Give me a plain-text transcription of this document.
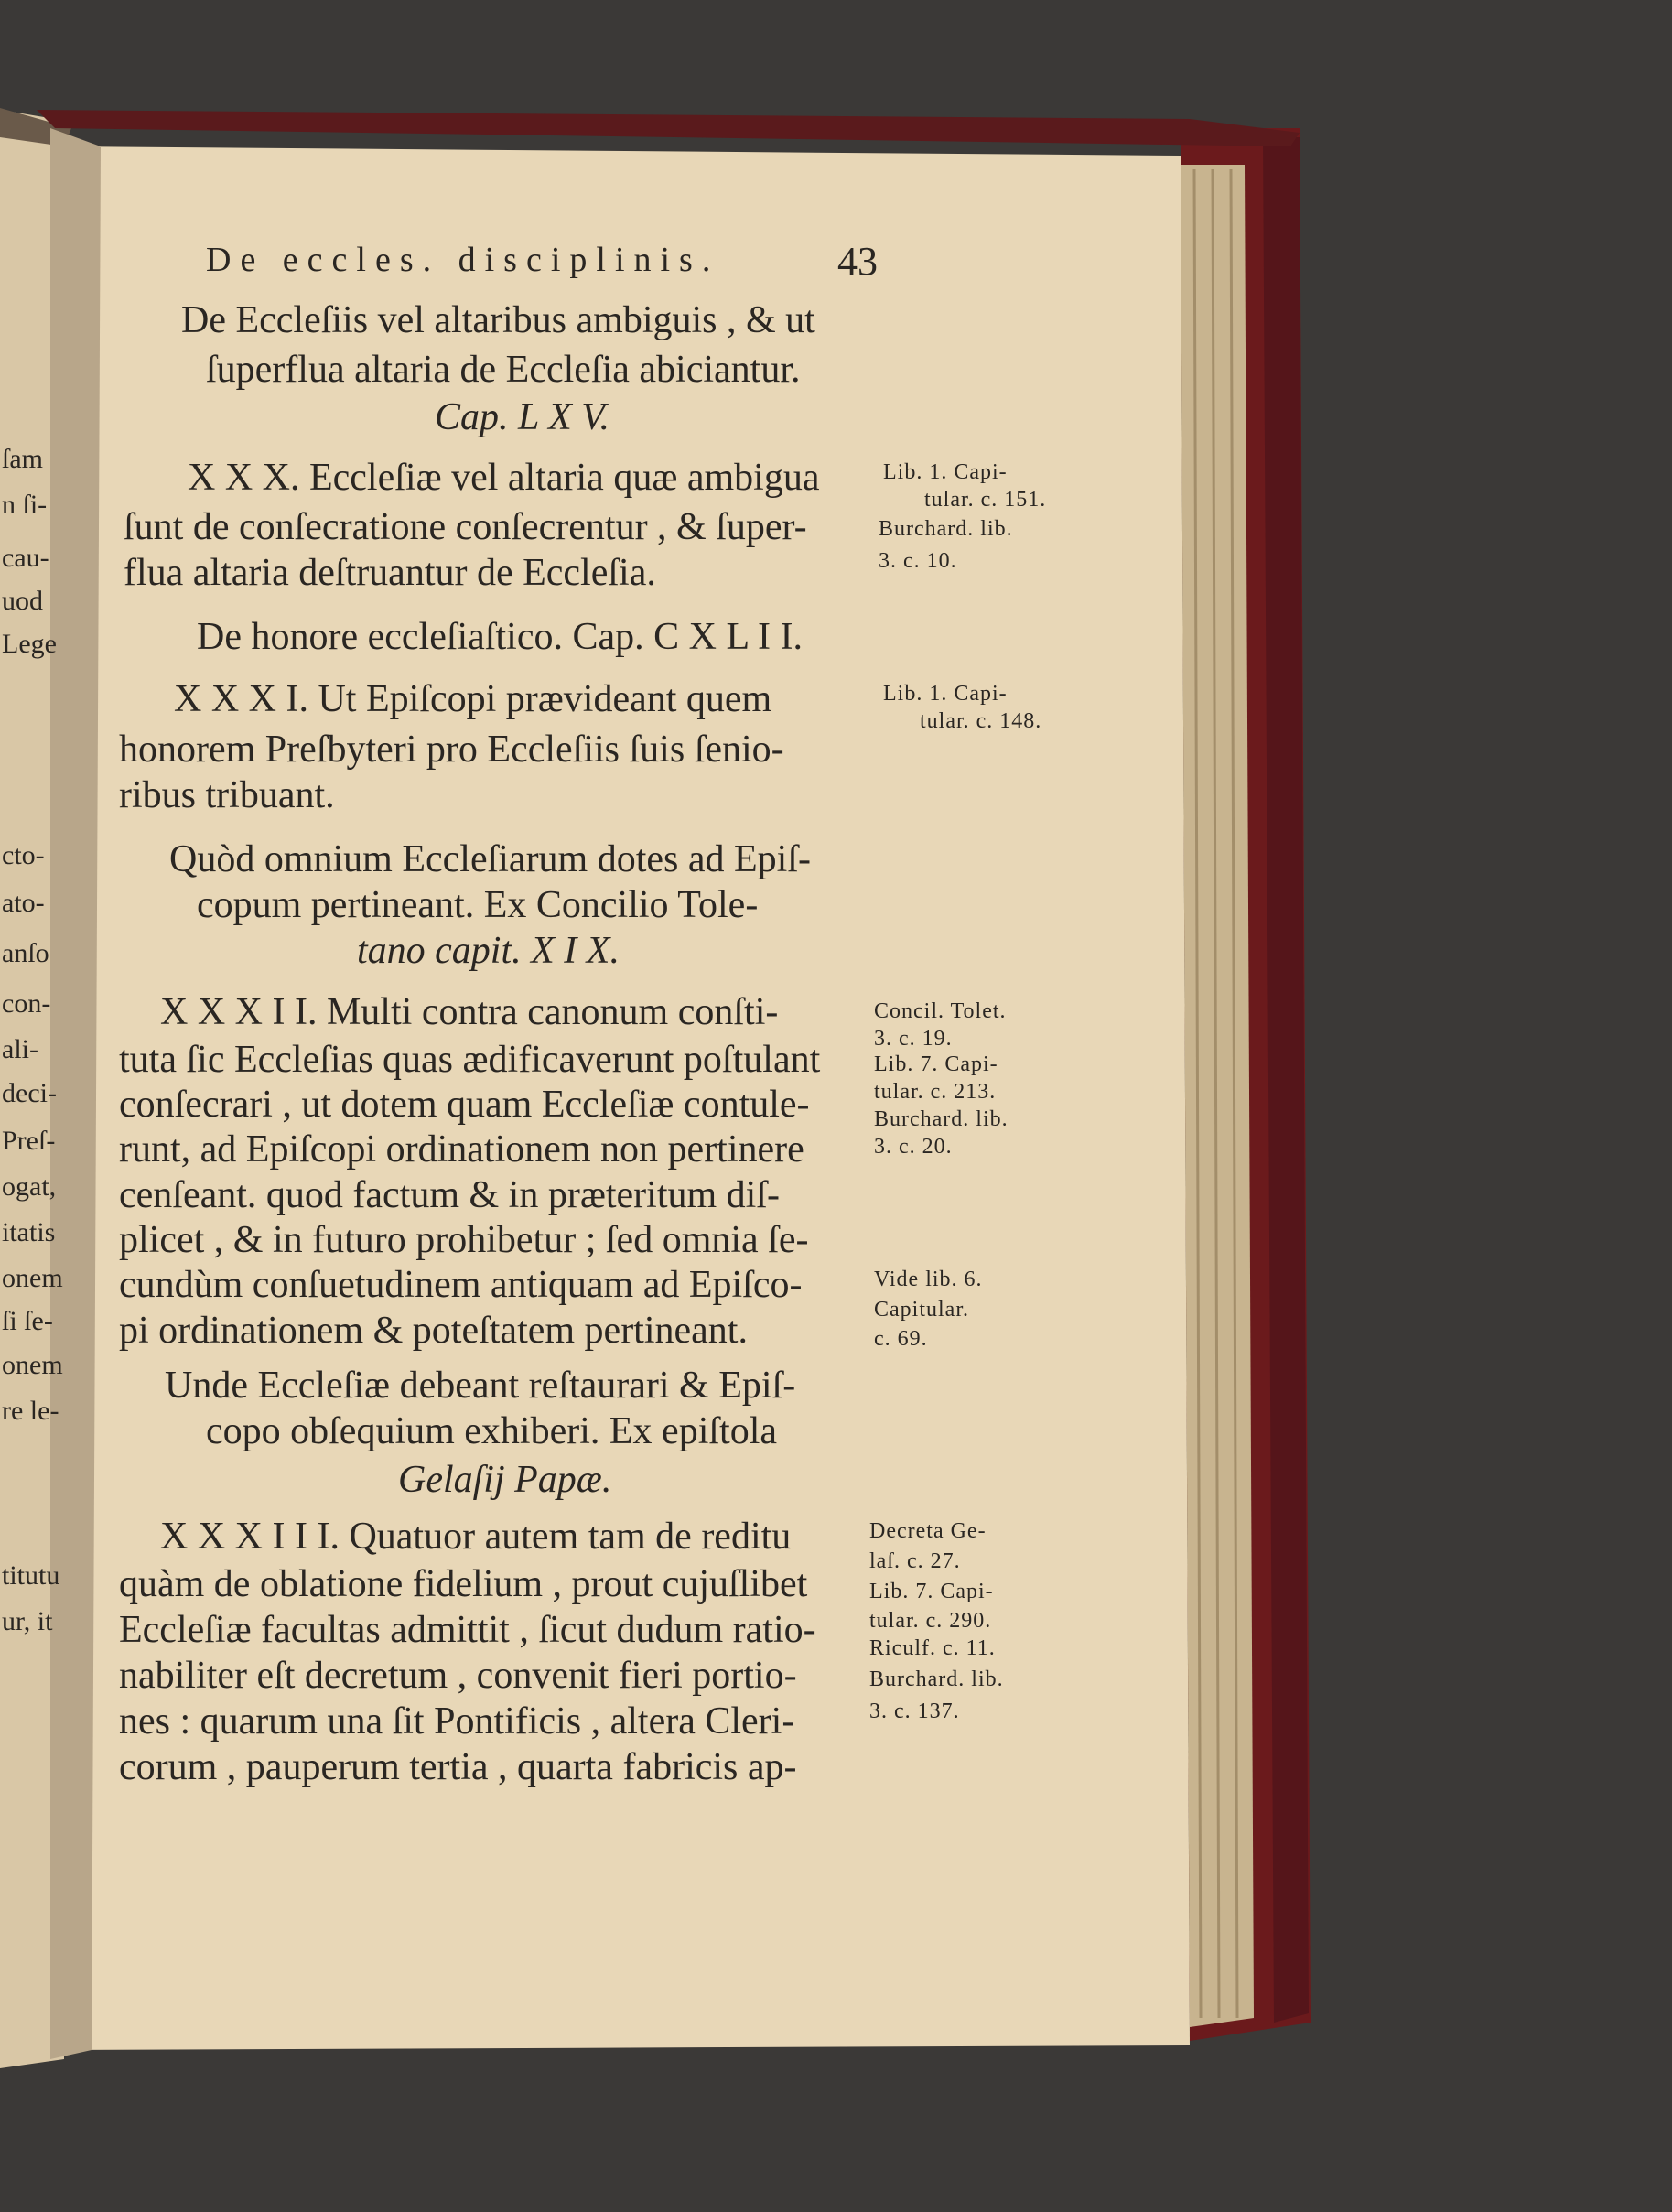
ſam
n ſi-
cau-
uod
Lege
cto-
ato-
anſo
con-
ali-
deci-
Preſ-
ogat,
itatis
onem
ſi ſe-
onem
re le-
titutu
ur, it
De eccles. disciplinis.	43
De Eccleſiis vel altaribus ambiguis , & ut
ſuperflua altaria de Eccleſia abiciantur.
Cap. L X V.
X X X. Eccleſiæ vel altaria quæ ambigua
ſunt de conſecratione conſecrentur , & ſuper-
flua altaria deſtruantur de Eccleſia.
Lib. 1. Capi-
tular. c. 151.
Burchard. lib.
3. c. 10.
De honore eccleſiaſtico. Cap. C X L I I.
X X X I. Ut Epiſcopi prævideant quem
honorem Preſbyteri pro Eccleſiis ſuis ſenio-
ribus tribuant.
Lib. 1. Capi-
tular. c. 148.
Quòd omnium Eccleſiarum dotes ad Epiſ-
copum pertineant. Ex Concilio Tole-
tano capit. X I X.
X X X I I. Multi contra canonum conſti-
tuta ſic Eccleſias quas ædificaverunt poſtulant
conſecrari , ut dotem quam Eccleſiæ contule-
runt, ad Epiſcopi ordinationem non pertinere
cenſeant. quod factum & in præteritum diſ-
plicet , & in futuro prohibetur ; ſed omnia ſe-
cundùm conſuetudinem antiquam ad Epiſco-
pi ordinationem & poteſtatem pertineant.
Concil. Tolet.
3. c. 19.
Lib. 7. Capi-
tular. c. 213.
Burchard. lib.
3. c. 20.
Vide lib. 6.
Capitular.
c. 69.
Unde Eccleſiæ debeant reſtaurari & Epiſ-
copo obſequium exhiberi. Ex epiſtola
Gelaſij Papæ.
X X X I I I. Quatuor autem tam de reditu
quàm de oblatione fidelium , prout cujuſlibet
Eccleſiæ facultas admittit , ſicut dudum ratio-
nabiliter eſt decretum , convenit fieri portio-
nes : quarum una ſit Pontificis , altera Cleri-
corum , pauperum tertia , quarta fabricis ap-
Decreta Ge-
laſ. c. 27.
Lib. 7. Capi-
tular. c. 290.
Riculf. c. 11.
Burchard. lib.
3. c. 137.
